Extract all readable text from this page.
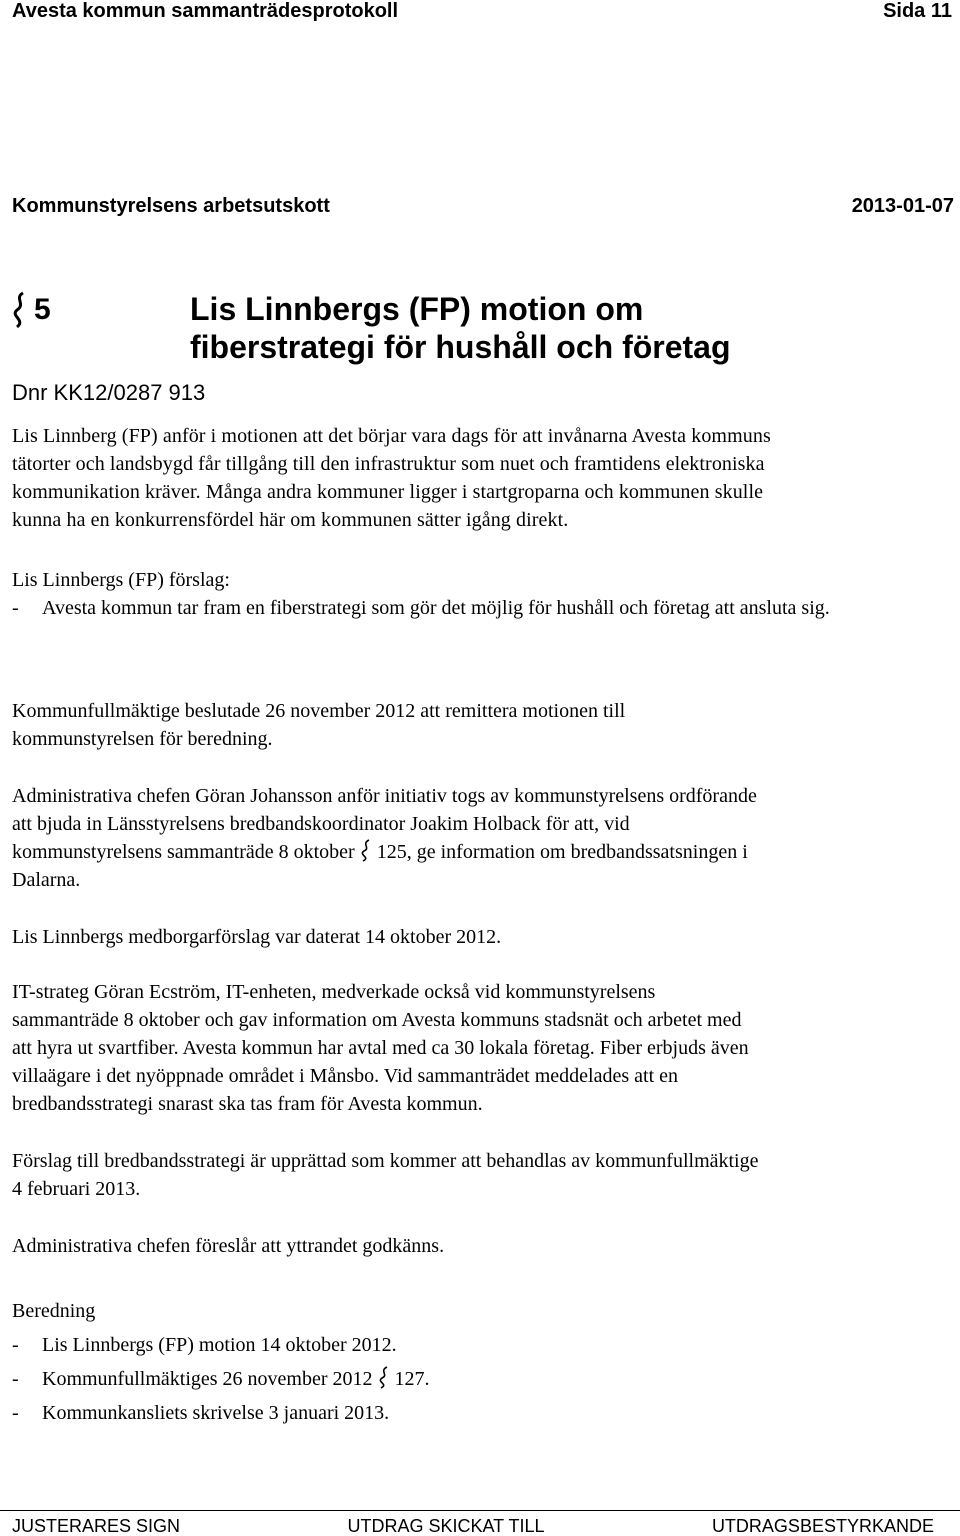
Avesta kommun sammanträdesprotokoll	Sida 11
Kommunstyrelsens arbetsutskott	2013-01-07
5	Lis Linnbergs (FP) motion om
fiberstrategi för hushåll och företag
Dnr KK12/0287 913

Lis Linnberg (FP) anför i motionen att det börjar vara dags för att invånarna Avesta kommuns

tätorter och landsbygd får tillgång till den infrastruktur som nuet och framtidens elektroniska

kommunikation kräver. Många andra kommuner ligger i startgroparna och kommunen skulle

kunna ha en konkurrensfördel här om kommunen sätter igång direkt.

Lis Linnbergs (FP) förslag:

-	Avesta kommun tar fram en fiberstrategi som gör det möjlig för hushåll och företag att ansluta sig.

Kommunfullmäktige beslutade 26 november 2012 att remittera motionen till

kommunstyrelsen för beredning.

Administrativa chefen Göran Johansson anför initiativ togs av kommunstyrelsens ordförande

att bjuda in Länsstyrelsens bredbandskoordinator Joakim Holback för att, vid

kommunstyrelsens sammanträde 8 oktober 125, ge information om bredbandssatsningen i

Dalarna.

Lis Linnbergs medborgarförslag var daterat 14 oktober 2012.

IT-strateg Göran Ecström, IT-enheten, medverkade också vid kommunstyrelsens

sammanträde 8 oktober och gav information om Avesta kommuns stadsnät och arbetet med

att hyra ut svartfiber. Avesta kommun har avtal med ca 30 lokala företag. Fiber erbjuds även

villaägare i det nyöppnade området i Månsbo. Vid sammanträdet meddelades att en

bredbandsstrategi snarast ska tas fram för Avesta kommun.

Förslag till bredbandsstrategi är upprättad som kommer att behandlas av kommunfullmäktige

4 februari 2013.

Administrativa chefen föreslår att yttrandet godkänns.

Beredning

-	Lis Linnbergs (FP) motion 14 oktober 2012.
-	Kommunfullmäktiges 26 november 2012 127.
-	Kommunkansliets skrivelse 3 januari 2013.
JUSTERARES SIGN	UTDRAG SKICKAT TILL	UTDRAGSBESTYRKANDE
